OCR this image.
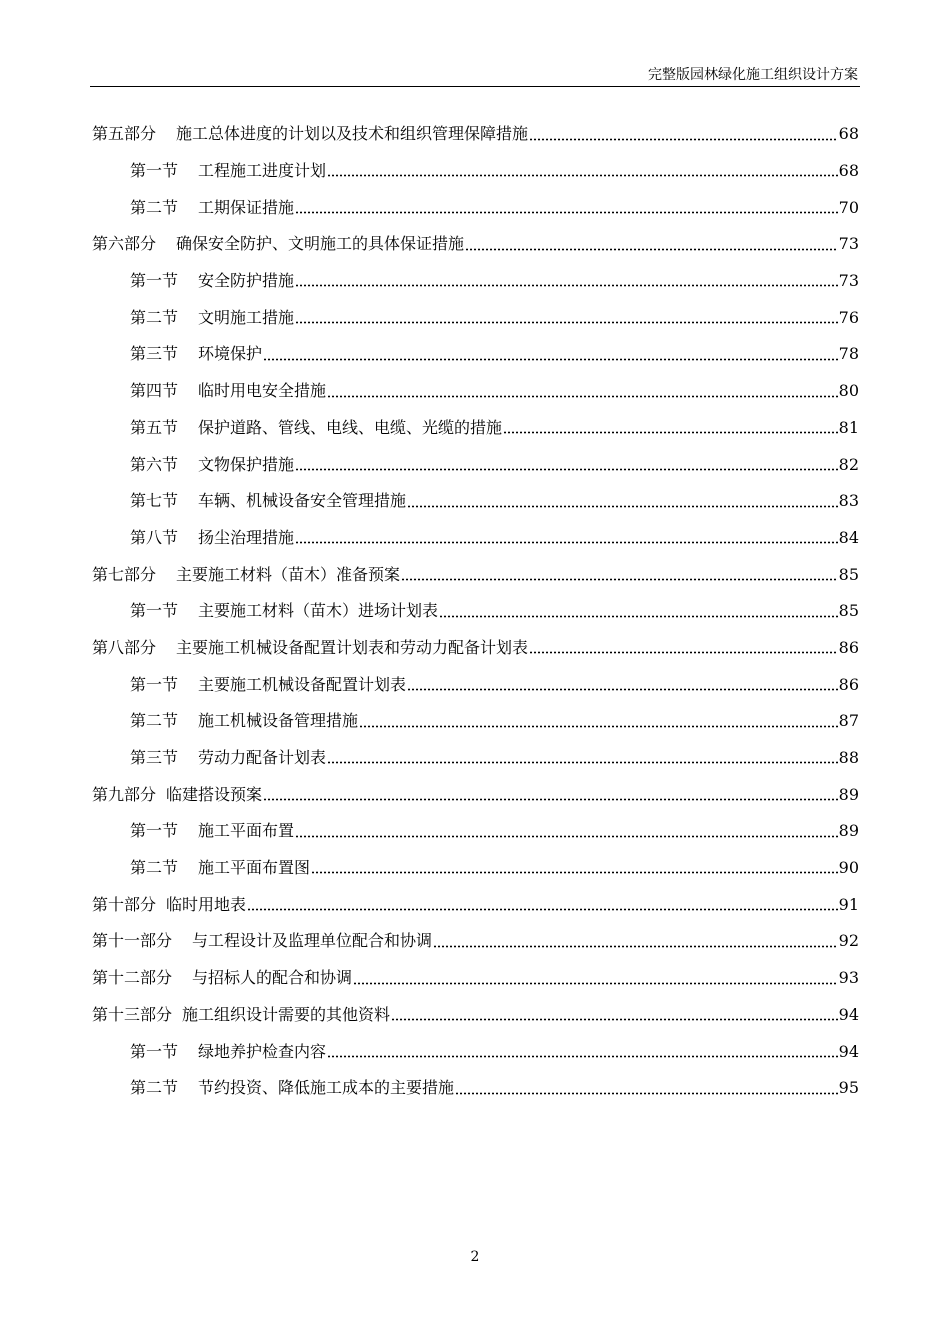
完整版园林绿化施工组织设计方案
第五部分 施工总体进度的计划以及技术和组织管理保障措施	68
第一节 工程施工进度计划	68
第二节 工期保证措施	70
第六部分 确保安全防护、文明施工的具体保证措施	73
第一节 安全防护措施	73
第二节 文明施工措施	76
第三节 环境保护	78
第四节 临时用电安全措施	80
第五节 保护道路、管线、电线、电缆、光缆的措施	81
第六节 文物保护措施	82
第七节 车辆、机械设备安全管理措施	83
第八节 扬尘治理措施	84
第七部分 主要施工材料（苗木）准备预案	85
第一节 主要施工材料（苗木）进场计划表	85
第八部分 主要施工机械设备配置计划表和劳动力配备计划表	86
第一节 主要施工机械设备配置计划表	86
第二节 施工机械设备管理措施	87
第三节 劳动力配备计划表	88
第九部分 临建搭设预案	89
第一节 施工平面布置	89
第二节 施工平面布置图	90
第十部分 临时用地表	91
第十一部分 与工程设计及监理单位配合和协调	92
第十二部分 与招标人的配合和协调	93
第十三部分 施工组织设计需要的其他资料	94
第一节 绿地养护检查内容	94
第二节 节约投资、降低施工成本的主要措施	95
2
